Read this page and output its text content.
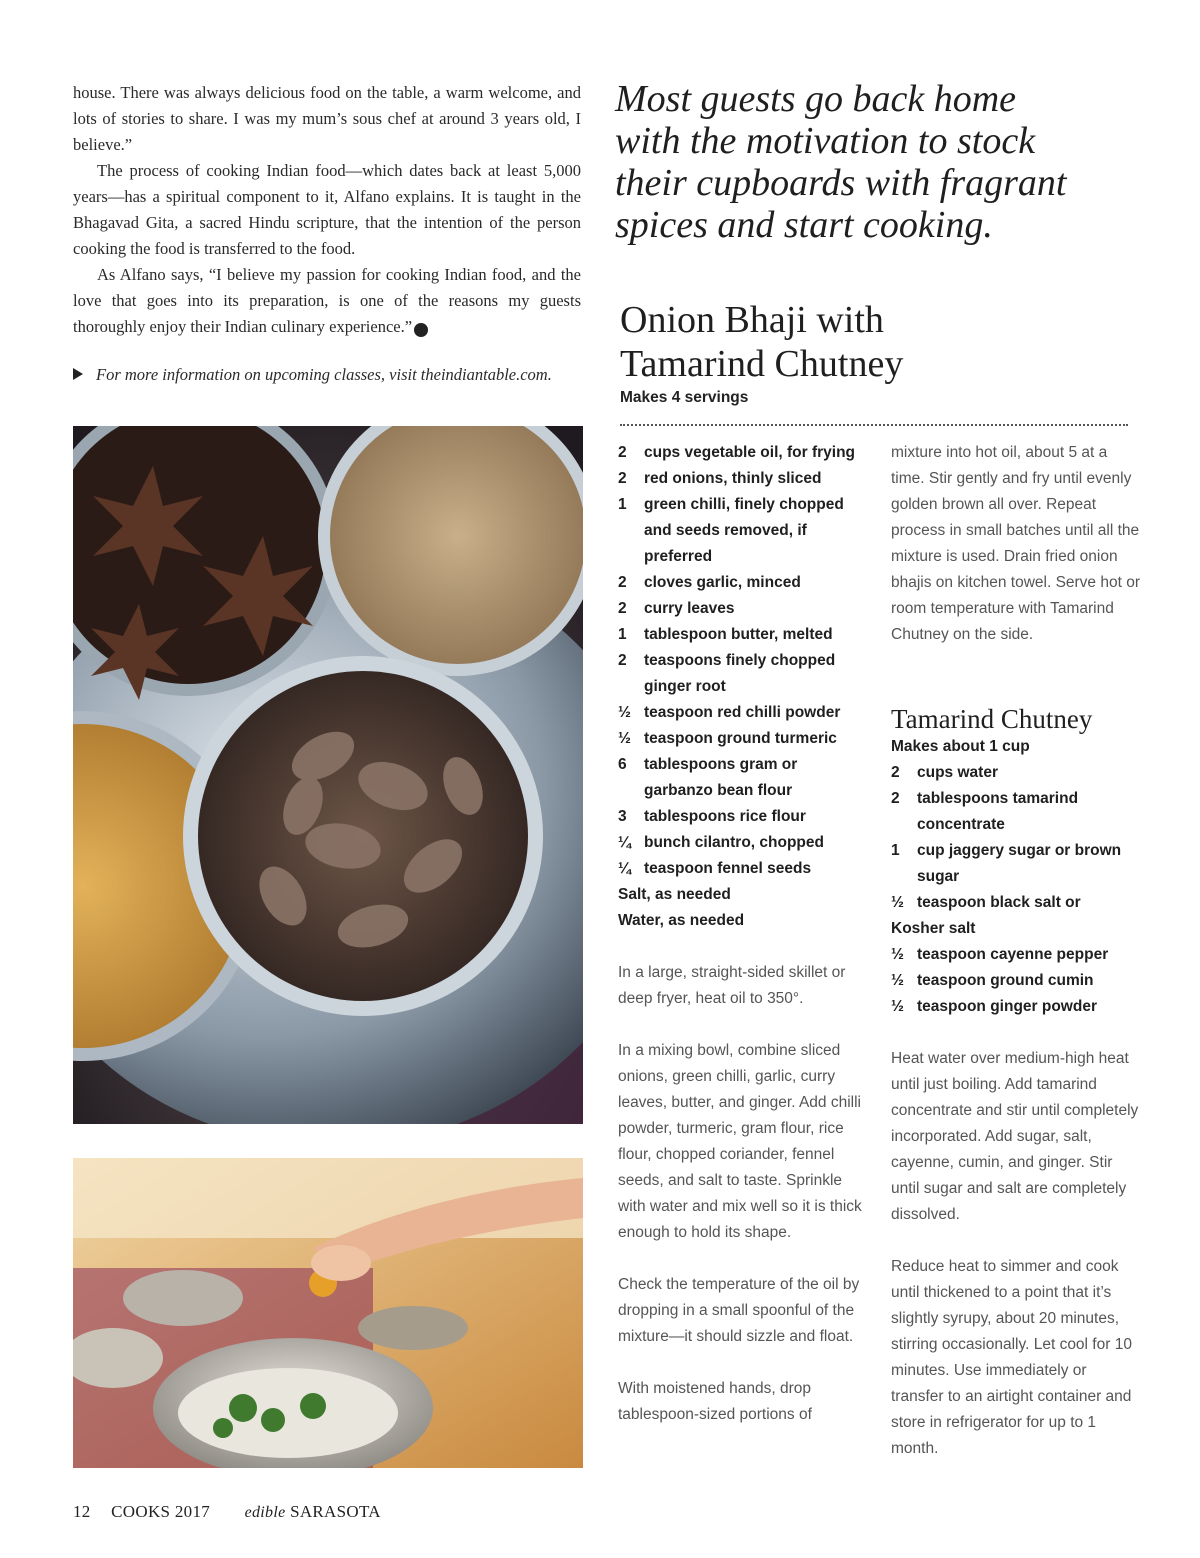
house. There was always delicious food on the table, a warm welcome, and lots of stories to share. I was my mum’s sous chef at around 3 years old, I believe.”

The process of cooking Indian food—which dates back at least 5,000 years—has a spiritual component to it, Alfano explains. It is taught in the Bhagavad Gita, a sacred Hindu scripture, that the intention of the person cooking the food is transferred to the food.

As Alfano says, “I believe my passion for cooking Indian food, and the love that goes into its preparation, is one of the reasons my guests thoroughly enjoy their Indian culinary experience.” e

For more information on upcoming classes, visit theindiantable.com.
Most guests go back home
with the motivation to stock
their cupboards with fragrant
spices and start cooking.
Onion Bhaji with
Tamarind Chutney
Makes 4 servings
2	cups vegetable oil, for frying
2	red onions, thinly sliced
1	green chilli, finely chopped and seeds removed, if preferred
2	cloves garlic, minced
2	curry leaves
1	tablespoon butter, melted
2	teaspoons finely chopped ginger root
½ teaspoon red chilli powder
½ teaspoon ground turmeric
6	tablespoons gram or garbanzo bean flour
3	tablespoons rice flour
¼ bunch cilantro, chopped
¼ teaspoon fennel seeds
Salt, as needed
Water, as needed

In a large, straight-sided skillet or deep fryer, heat oil to 350°.

In a mixing bowl, combine sliced onions, green chilli, garlic, curry leaves, butter, and ginger. Add chilli powder, turmeric, gram flour, rice flour, chopped coriander, fennel seeds, and salt to taste. Sprinkle with water and mix well so it is thick enough to hold its shape.

Check the temperature of the oil by dropping in a small spoonful of the mixture—it should sizzle and float.

With moistened hands, drop tablespoon-sized portions of

mixture into hot oil, about 5 at a time. Stir gently and fry until evenly golden brown all over. Repeat process in small batches until all the mixture is used. Drain fried onion bhajis on kitchen towel. Serve hot or room temperature with Tamarind Chutney on the side.

Tamarind Chutney
Makes about 1 cup
2	cups water
2	tablespoons tamarind concentrate
1	cup jaggery sugar or brown sugar
½ teaspoon black salt or
Kosher salt
½ teaspoon cayenne pepper
½ teaspoon ground cumin
½ teaspoon ginger powder

Heat water over medium-high heat until just boiling. Add tamarind concentrate and stir until completely incorporated. Add sugar, salt, cayenne, cumin, and ginger. Stir until sugar and salt are completely dissolved.

Reduce heat to simmer and cook until thickened to a point that it’s slightly syrupy, about 20 minutes, stirring occasionally. Let cool for 10 minutes. Use immediately or transfer to an airtight container and store in refrigerator for up to 1 month.

12 COOKS 2017 edible SARASOTA
